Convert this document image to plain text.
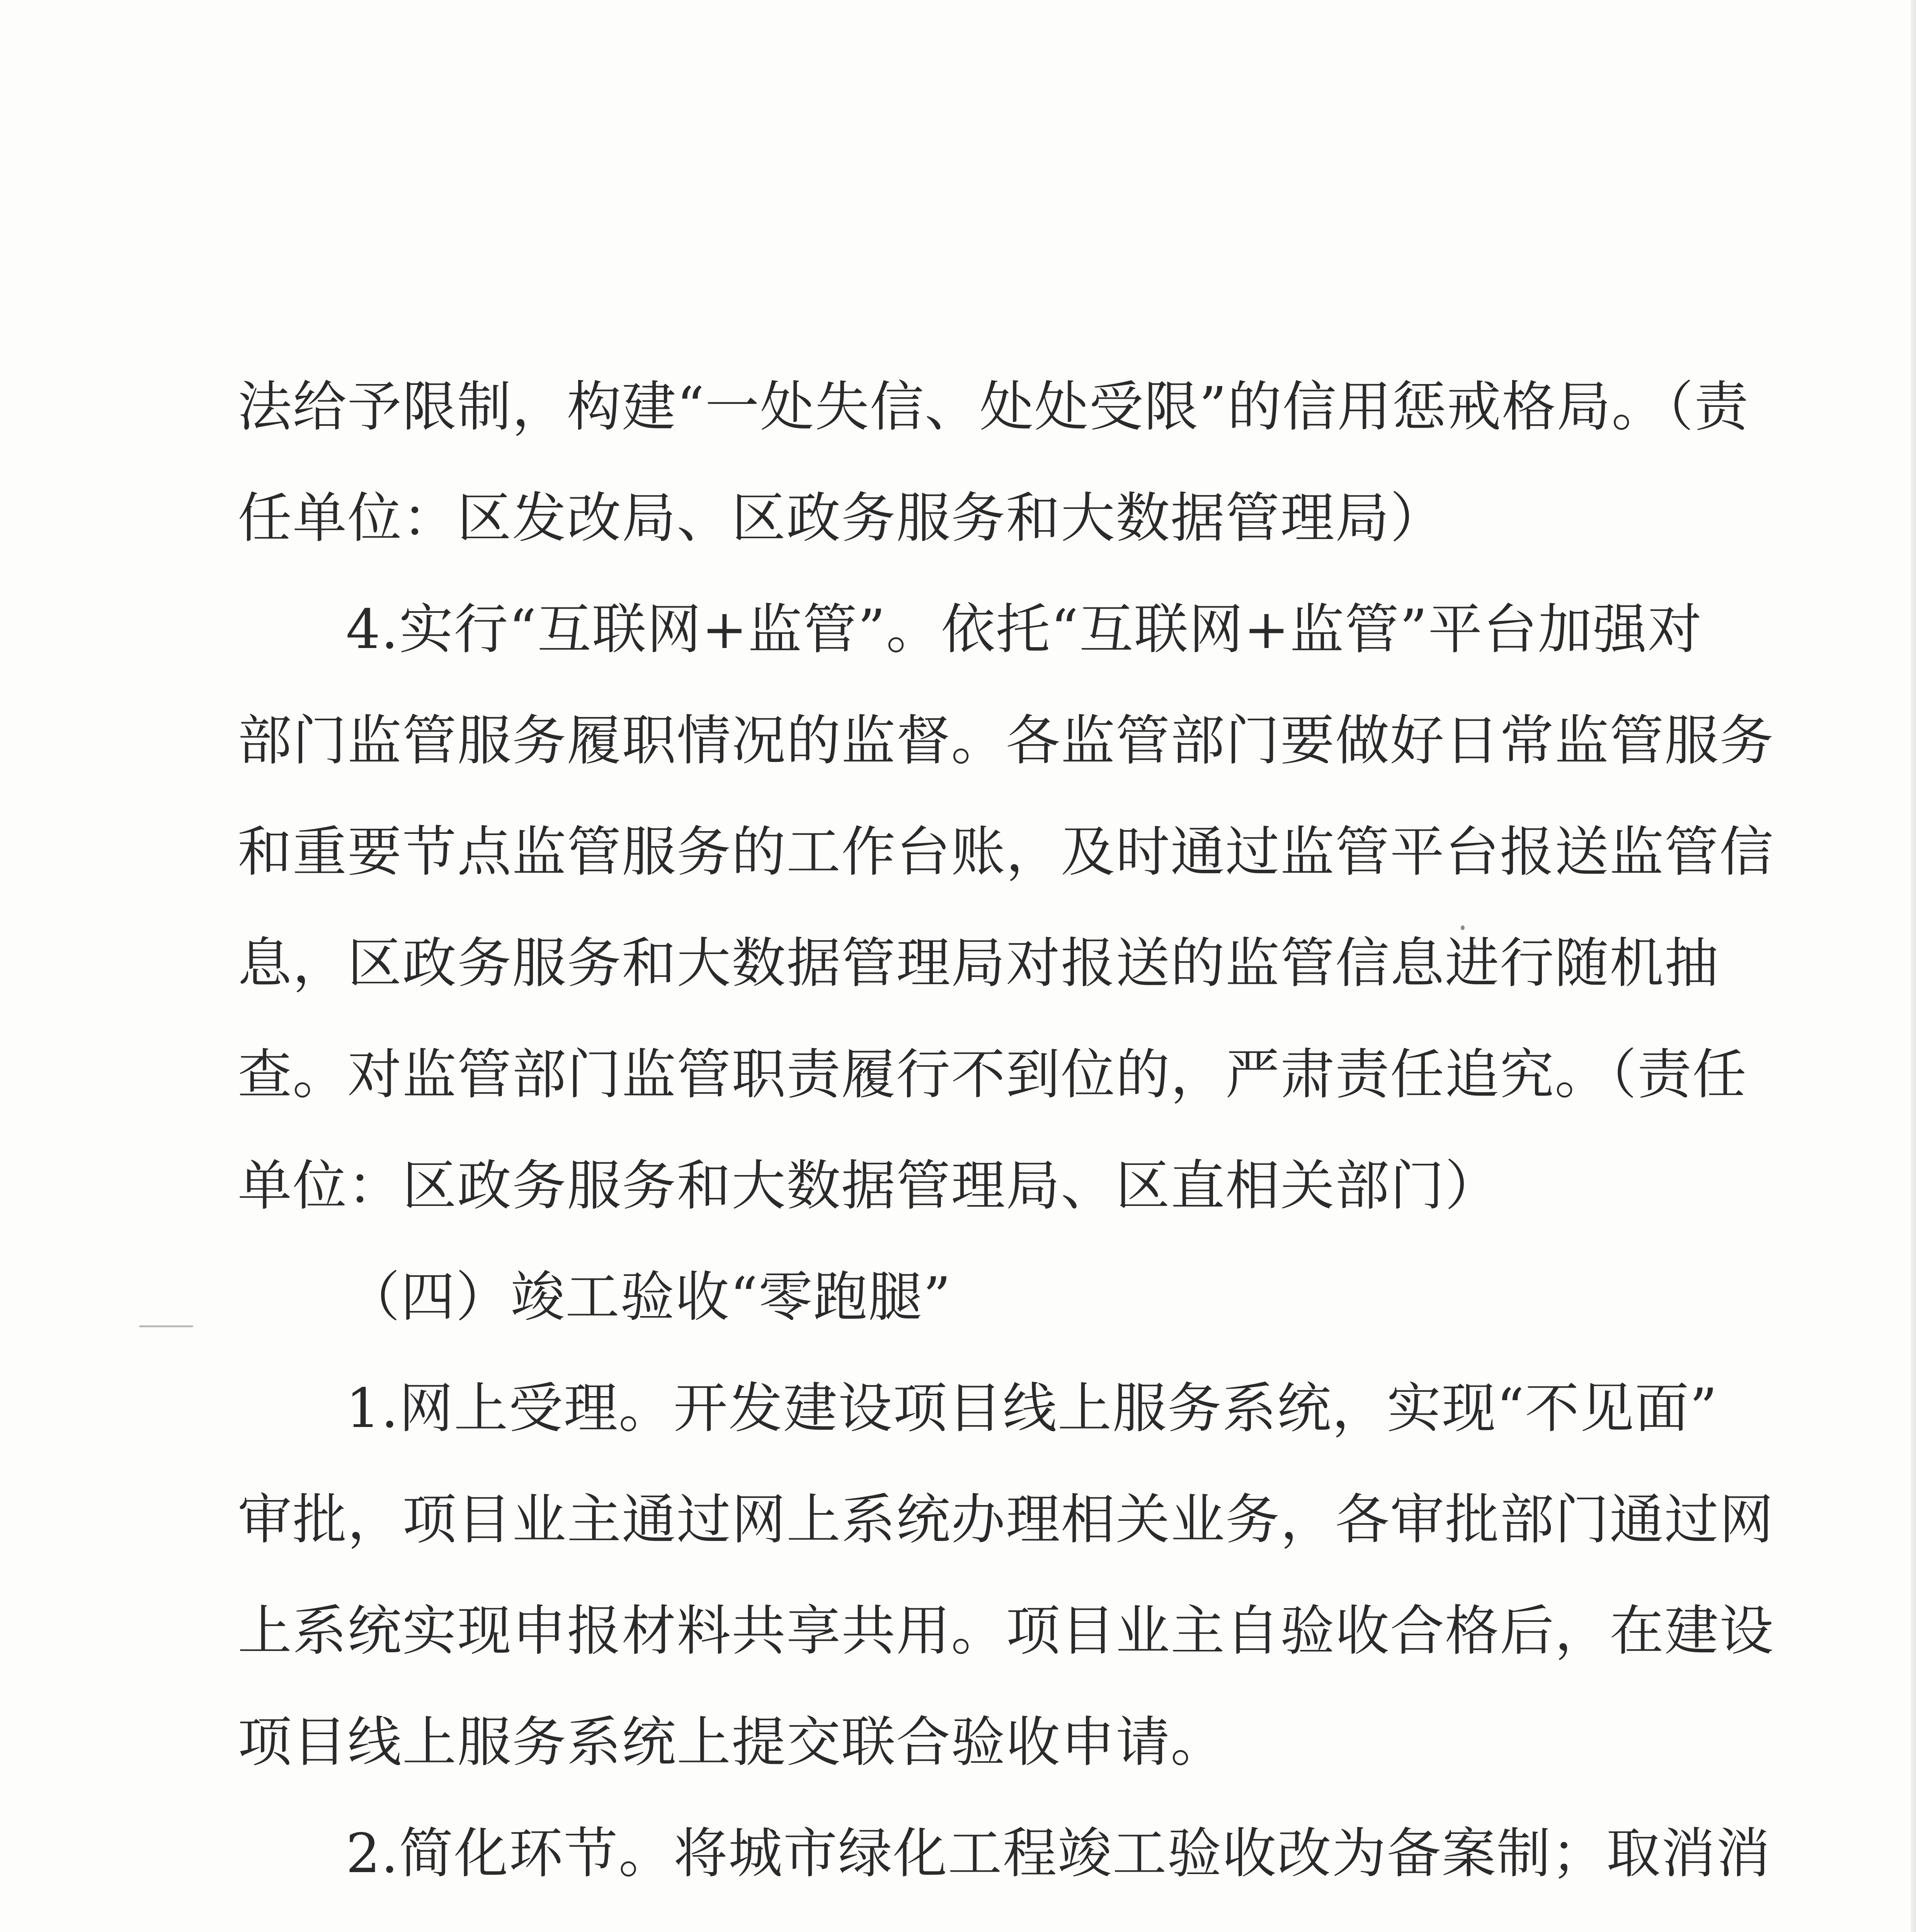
法给予限制，构建“一处失信、处处受限”的信用惩戒格局。（责
任单位：区发改局、区政务服务和大数据管理局）
4.实行“互联网+监管”。依托“互联网+监管”平台加强对
部门监管服务履职情况的监督。各监管部门要做好日常监管服务
和重要节点监管服务的工作台账，及时通过监管平台报送监管信
息，区政务服务和大数据管理局对报送的监管信息进行随机抽
查。对监管部门监管职责履行不到位的，严肃责任追究。（责任
单位：区政务服务和大数据管理局、区直相关部门）
（四）竣工验收“零跑腿”
1.网上受理。开发建设项目线上服务系统，实现“不见面”
审批，项目业主通过网上系统办理相关业务，各审批部门通过网
上系统实现申报材料共享共用。项目业主自验收合格后，在建设
项目线上服务系统上提交联合验收申请。
2.简化环节。将城市绿化工程竣工验收改为备案制；取消消
